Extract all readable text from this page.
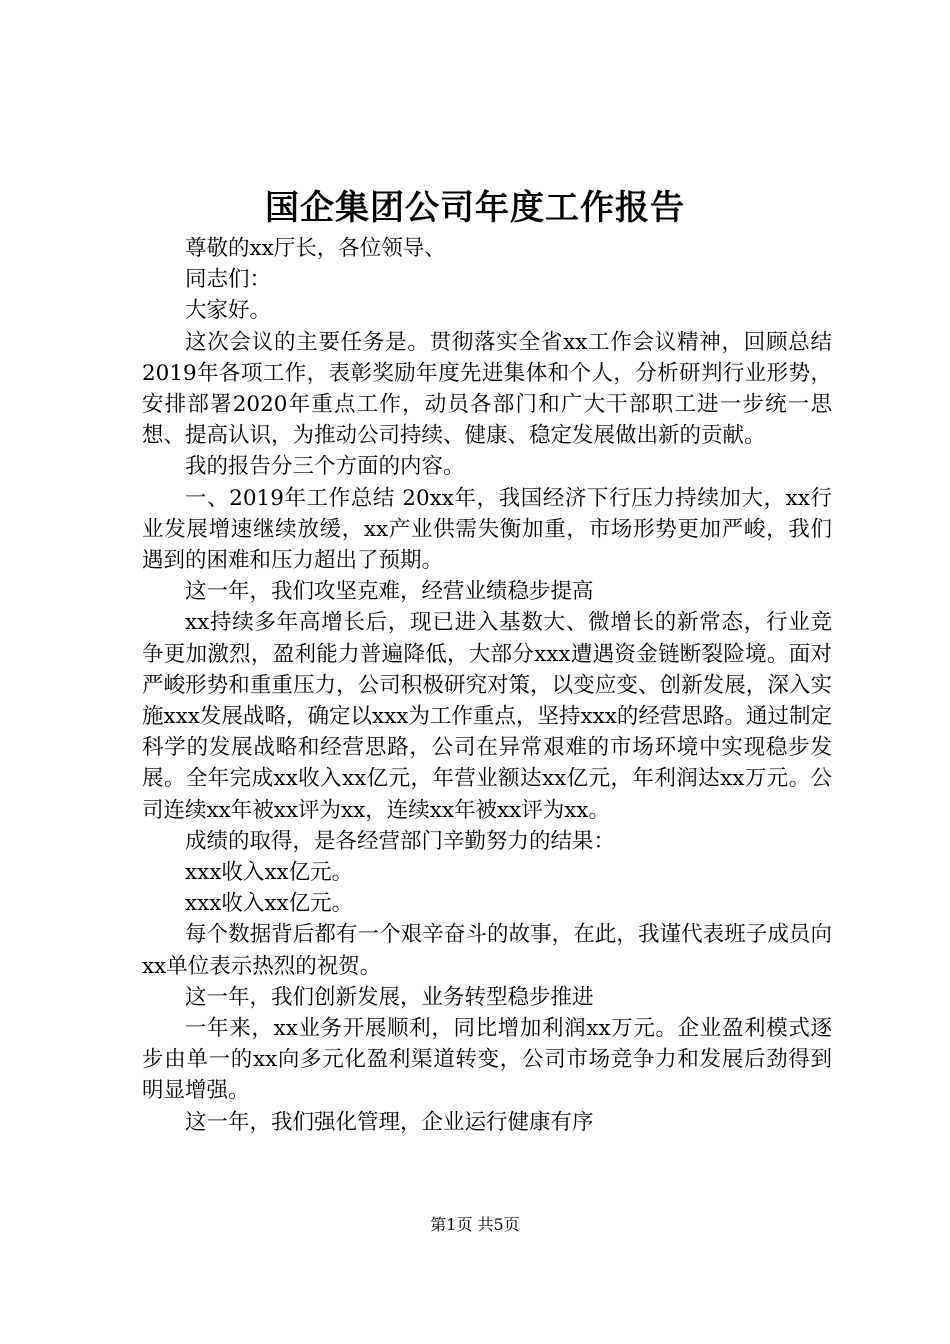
国企集团公司年度工作报告

尊敬的xx厅长，各位领导、

同志们：

大家好。

这次会议的主要任务是。贯彻落实全省xx工作会议精神，回顾总结2019年各项工作，表彰奖励年度先进集体和个人，分析研判行业形势，安排部署2020年重点工作，动员各部门和广大干部职工进一步统一思想、提高认识，为推动公司持续、健康、稳定发展做出新的贡献。

我的报告分三个方面的内容。

一、2019年工作总结 20xx年，我国经济下行压力持续加大，xx行业发展增速继续放缓，xx产业供需失衡加重，市场形势更加严峻，我们遇到的困难和压力超出了预期。

这一年，我们攻坚克难，经营业绩稳步提高

xx持续多年高增长后，现已进入基数大、微增长的新常态，行业竞争更加激烈，盈利能力普遍降低，大部分xxx遭遇资金链断裂险境。面对严峻形势和重重压力，公司积极研究对策，以变应变、创新发展，深入实施xxx发展战略，确定以xxx为工作重点，坚持xxx的经营思路。通过制定科学的发展战略和经营思路，公司在异常艰难的市场环境中实现稳步发展。全年完成xx收入xx亿元，年营业额达xx亿元，年利润达xx万元。公司连续xx年被xx评为xx，连续xx年被xx评为xx。

成绩的取得，是各经营部门辛勤努力的结果：

xxx收入xx亿元。

xxx收入xx亿元。

每个数据背后都有一个艰辛奋斗的故事，在此，我谨代表班子成员向xx单位表示热烈的祝贺。

这一年，我们创新发展，业务转型稳步推进

一年来，xx业务开展顺利，同比增加利润xx万元。企业盈利模式逐步由单一的xx向多元化盈利渠道转变，公司市场竞争力和发展后劲得到明显增强。

这一年，我们强化管理，企业运行健康有序

第1页 共5页
